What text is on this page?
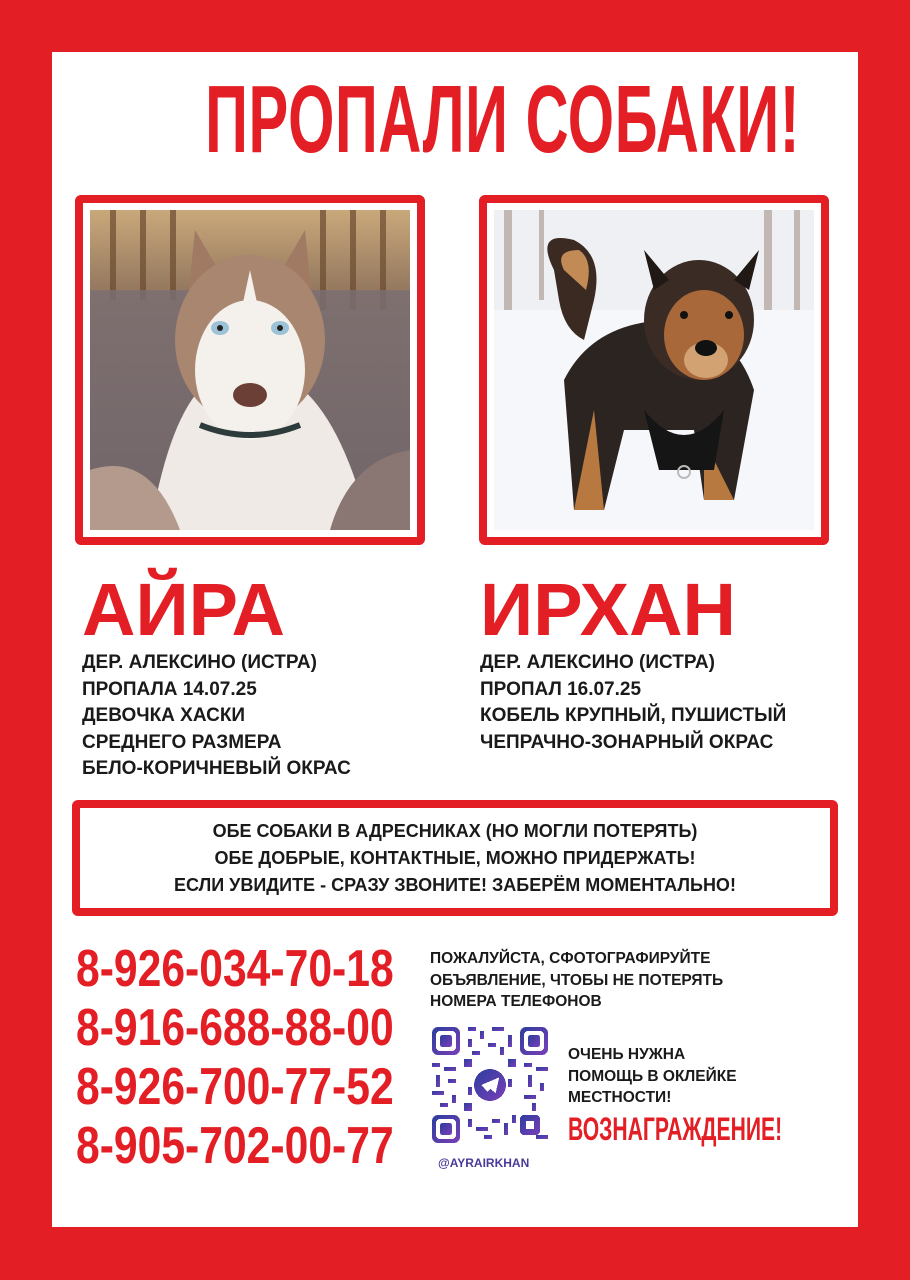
ПРОПАЛИ СОБАКИ!
АЙРА	ИРХАН
ДЕР. АЛЕКСИНО (ИСТРА)
ПРОПАЛА 14.07.25
ДЕВОЧКА ХАСКИ
СРЕДНЕГО РАЗМЕРА
БЕЛО-КОРИЧНЕВЫЙ ОКРАС
ДЕР. АЛЕКСИНО (ИСТРА)
ПРОПАЛ 16.07.25
КОБЕЛЬ КРУПНЫЙ, ПУШИСТЫЙ
ЧЕПРАЧНО-ЗОНАРНЫЙ ОКРАС
ОБЕ СОБАКИ В АДРЕСНИКАХ (НО МОГЛИ ПОТЕРЯТЬ)
ОБЕ ДОБРЫЕ, КОНТАКТНЫЕ, МОЖНО ПРИДЕРЖАТЬ!
ЕСЛИ УВИДИТЕ - СРАЗУ ЗВОНИТЕ! ЗАБЕРЁМ МОМЕНТАЛЬНО!
8-926-034-70-18
8-916-688-88-00
8-926-700-77-52
8-905-702-00-77
ПОЖАЛУЙСТА, СФОТОГРАФИРУЙТЕ
ОБЪЯВЛЕНИЕ, ЧТОБЫ НЕ ПОТЕРЯТЬ
НОМЕРА ТЕЛЕФОНОВ
@AYRAIRKHAN
ОЧЕНЬ НУЖНА
ПОМОЩЬ В ОКЛЕЙКЕ
МЕСТНОСТИ!
ВОЗНАГРАЖДЕНИЕ!
